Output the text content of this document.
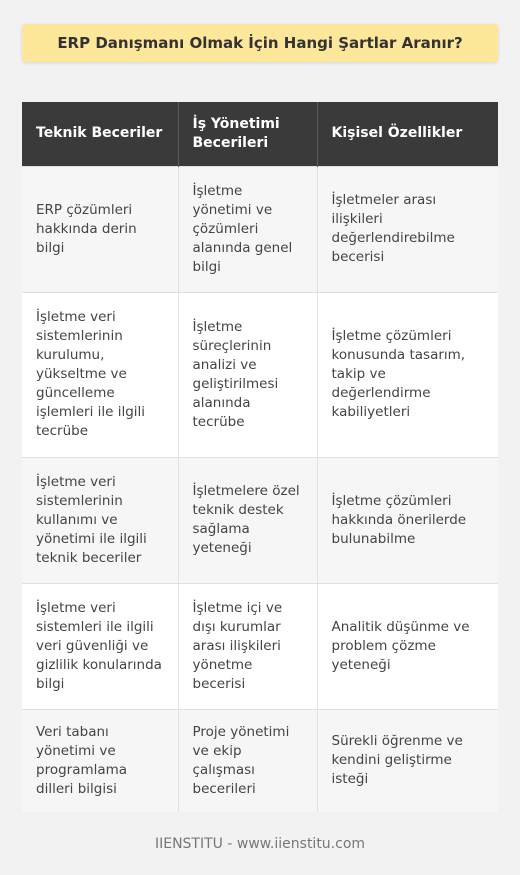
ERP Danışmanı Olmak İçin Hangi Şartlar Aranır?
Teknik Beceriler	İş Yönetimi Becerileri	Kişisel Özellikler
ERP çözümleri hakkında derin bilgi	İşletme yönetimi ve çözümleri alanında genel bilgi	İşletmeler arası ilişkileri değerlendirebilme becerisi
İşletme veri sistemlerinin kurulumu, yükseltme ve güncelleme işlemleri ile ilgili tecrübe	İşletme süreçlerinin analizi ve geliştirilmesi alanında tecrübe	İşletme çözümleri konusunda tasarım, takip ve değerlendirme kabiliyetleri
İşletme veri sistemlerinin kullanımı ve yönetimi ile ilgili teknik beceriler	İşletmelere özel teknik destek sağlama yeteneği	İşletme çözümleri hakkında önerilerde bulunabilme
İşletme veri sistemleri ile ilgili veri güvenliği ve gizlilik konularında bilgi	İşletme içi ve dışı kurumlar arası ilişkileri yönetme becerisi	Analitik düşünme ve problem çözme yeteneği
Veri tabanı yönetimi ve programlama dilleri bilgisi	Proje yönetimi ve ekip çalışması becerileri	Sürekli öğrenme ve kendini geliştirme isteği
IIENSTITU - www.iienstitu.com
